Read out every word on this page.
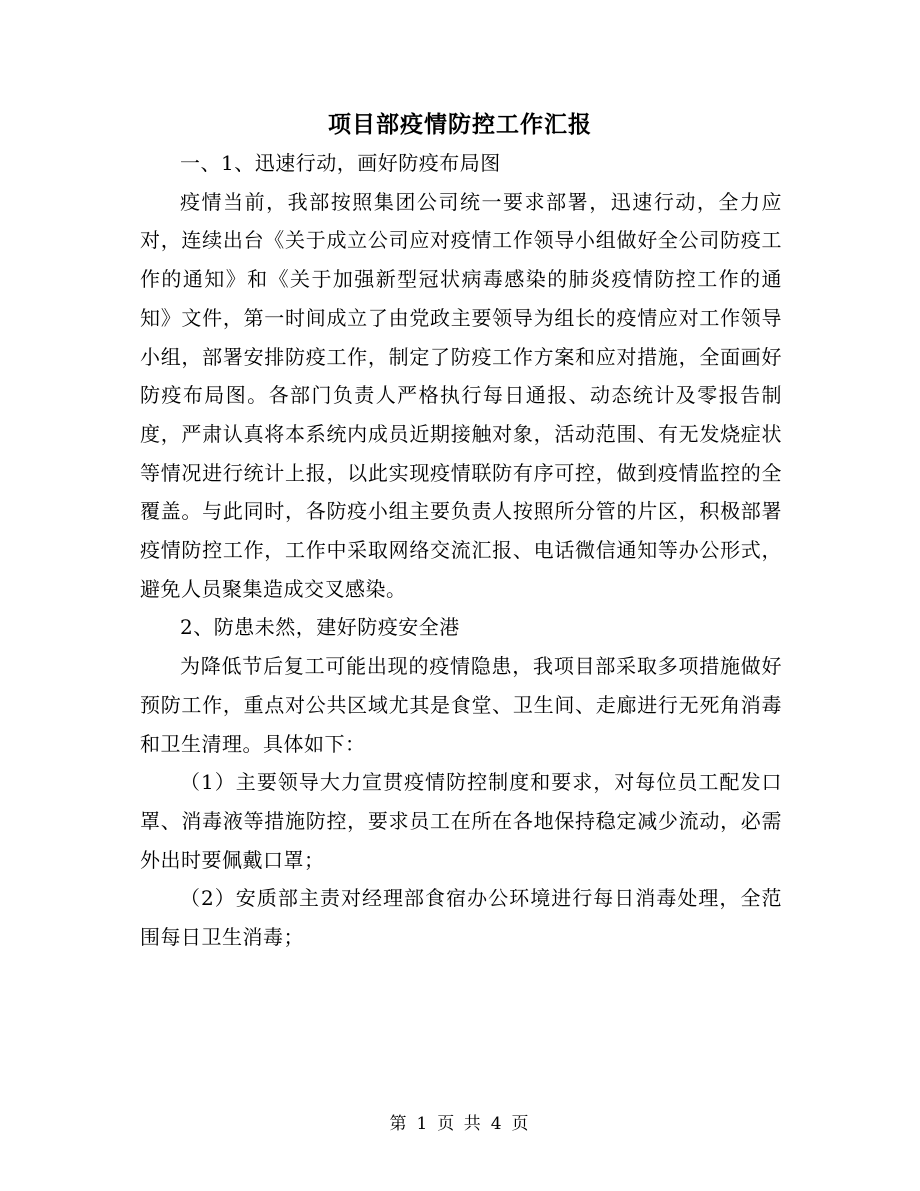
项目部疫情防控工作汇报

一、1、迅速行动，画好防疫布局图

疫情当前，我部按照集团公司统一要求部署，迅速行动，全力应对，连续出台《关于成立公司应对疫情工作领导小组做好全公司防疫工作的通知》和《关于加强新型冠状病毒感染的肺炎疫情防控工作的通知》文件，第一时间成立了由党政主要领导为组长的疫情应对工作领导小组，部署安排防疫工作，制定了防疫工作方案和应对措施，全面画好防疫布局图。各部门负责人严格执行每日通报、动态统计及零报告制度，严肃认真将本系统内成员近期接触对象，活动范围、有无发烧症状等情况进行统计上报，以此实现疫情联防有序可控，做到疫情监控的全覆盖。与此同时，各防疫小组主要负责人按照所分管的片区，积极部署疫情防控工作，工作中采取网络交流汇报、电话微信通知等办公形式，避免人员聚集造成交叉感染。

2、防患未然，建好防疫安全港

为降低节后复工可能出现的疫情隐患，我项目部采取多项措施做好预防工作，重点对公共区域尤其是食堂、卫生间、走廊进行无死角消毒和卫生清理。具体如下：

（1）主要领导大力宣贯疫情防控制度和要求，对每位员工配发口罩、消毒液等措施防控，要求员工在所在各地保持稳定减少流动，必需外出时要佩戴口罩；

（2）安质部主责对经理部食宿办公环境进行每日消毒处理，全范围每日卫生消毒；

第 1 页 共 4 页
